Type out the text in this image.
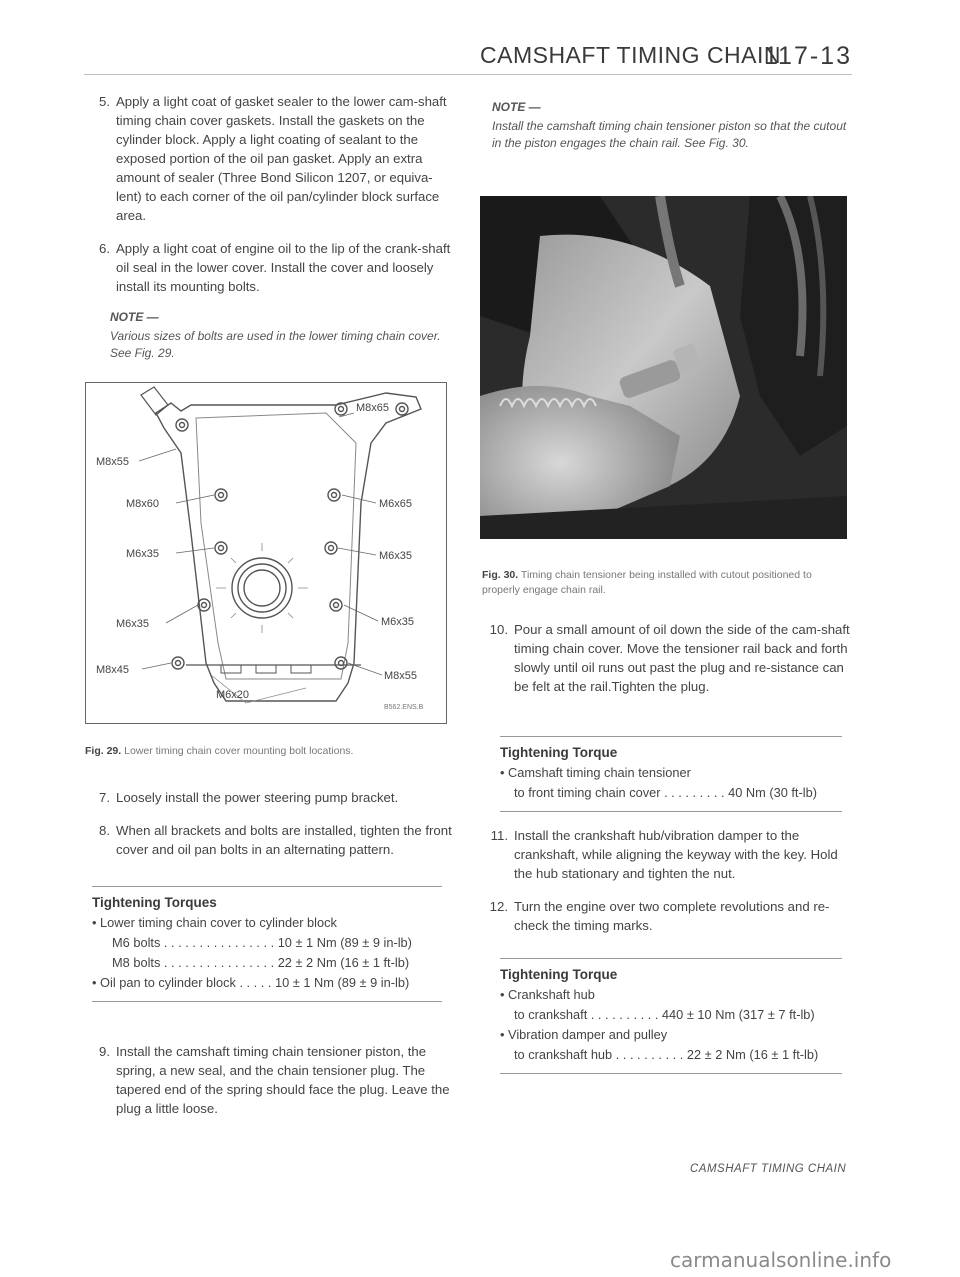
CAMSHAFT TIMING CHAIN
117-13
5. Apply a light coat of gasket sealer to the lower cam-shaft timing chain cover gaskets. Install the gaskets on the cylinder block. Apply a light coating of sealant to the exposed portion of the oil pan gasket. Apply an extra amount of sealer (Three Bond Silicon 1207, or equiva-lent) to each corner of the oil pan/cylinder block surface area.
6. Apply a light coat of engine oil to the lip of the crank-shaft oil seal in the lower cover. Install the cover and loosely install its mounting bolts.
NOTE —
Various sizes of bolts are used in the lower timing chain cover. See Fig. 29.
M8x65
M8x55
M8x60	M6x65
M6x35	M6x35
M6x35	M6x35
M8x45	M8x55
M6x20
B562.ENS.B
Fig. 29. Lower timing chain cover mounting bolt locations.
7. Loosely install the power steering pump bracket.
8. When all brackets and bolts are installed, tighten the front cover and oil pan bolts in an alternating pattern.
Tightening Torques
• Lower timing chain cover to cylinder block
M6 bolts . . . . . . . . . . . . . . . . 10 ± 1 Nm (89 ± 9 in-lb)
M8 bolts . . . . . . . . . . . . . . . . 22 ± 2 Nm (16 ± 1 ft-lb)
• Oil pan to cylinder block . . . . . 10 ± 1 Nm (89 ± 9 in-lb)
9. Install the camshaft timing chain tensioner piston, the spring, a new seal, and the chain tensioner plug. The tapered end of the spring should face the plug. Leave the plug a little loose.
NOTE —
Install the camshaft timing chain tensioner piston so that the cutout in the piston engages the chain rail. See Fig. 30.
Fig. 30. Timing chain tensioner being installed with cutout positioned to properly engage chain rail.
10. Pour a small amount of oil down the side of the cam-shaft timing chain cover. Move the tensioner rail back and forth slowly until oil runs out past the plug and re-sistance can be felt at the rail.Tighten the plug.
Tightening Torque
• Camshaft timing chain tensioner
to front timing chain cover . . . . . . . . . 40 Nm (30 ft-lb)
11. Install the crankshaft hub/vibration damper to the crankshaft, while aligning the keyway with the key. Hold the hub stationary and tighten the nut.
12. Turn the engine over two complete revolutions and re-check the timing marks.
Tightening Torque
• Crankshaft hub
to crankshaft . . . . . . . . . . 440 ± 10 Nm (317 ± 7 ft-lb)
• Vibration damper and pulley
to crankshaft hub . . . . . . . . . . 22 ± 2 Nm (16 ± 1 ft-lb)
CAMSHAFT TIMING CHAIN
carmanualsonline.info
